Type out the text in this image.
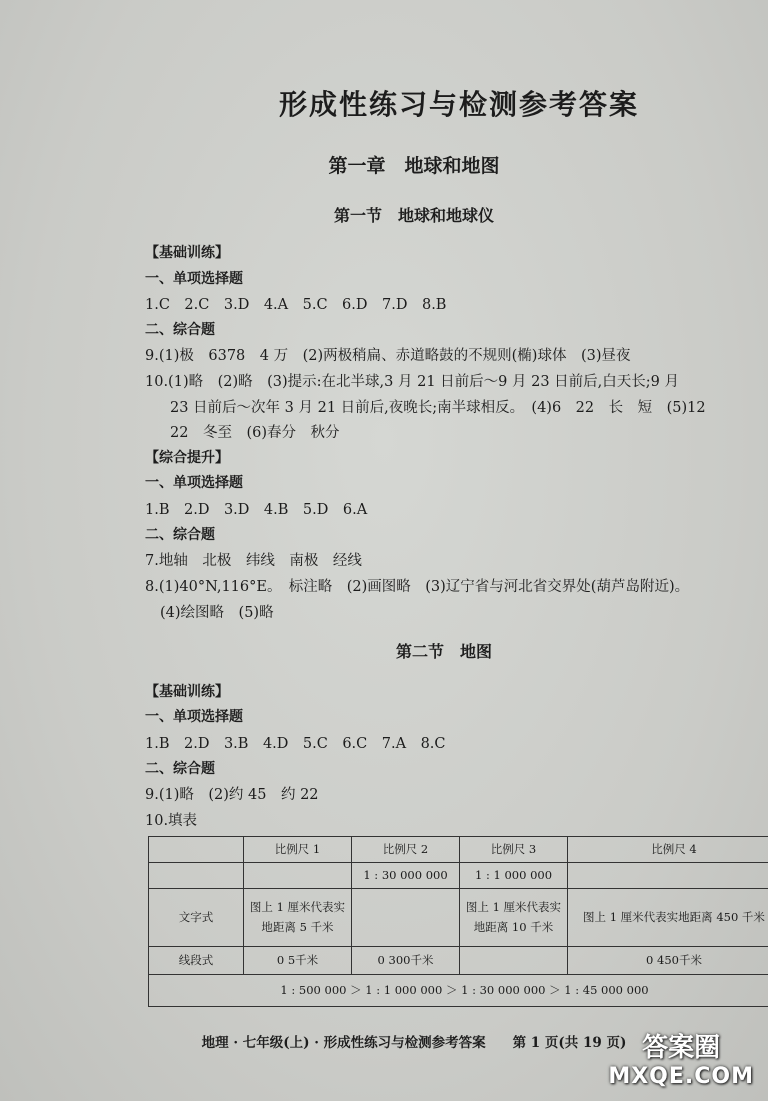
形成性练习与检测参考答案
第一章　地球和地图
第一节　地球和地球仪
【基础训练】
一、单项选择题
1.C　2.C　3.D　4.A　5.C　6.D　7.D　8.B
二、综合题
9.(1)极　6378　4 万　(2)两极稍扁、赤道略鼓的不规则(椭)球体　(3)昼夜
10.(1)略　(2)略　(3)提示:在北半球,3 月 21 日前后～9 月 23 日前后,白天长;9 月
23 日前后～次年 3 月 21 日前后,夜晚长;南半球相反。　(4)6　22　长　短　(5)12
22　冬至　(6)春分　秋分
【综合提升】
一、单项选择题
1.B　2.D　3.D　4.B　5.D　6.A
二、综合题
7.地轴　北极　纬线　南极　经线
8.(1)40°N,116°E。　标注略　(2)画图略　(3)辽宁省与河北省交界处(葫芦岛附近)。
(4)绘图略　(5)略
第二节　地图
【基础训练】
一、单项选择题
1.B　2.D　3.B　4.D　5.C　6.C　7.A　8.C
二、综合题
9.(1)略　(2)约 45　约 22
10.填表
	比例尺 1	比例尺 2	比例尺 3	比例尺 4
		1 : 30 000 000	1 : 1 000 000	
文字式	图上 1 厘米代表实地距离 5 千米		图上 1 厘米代表实地距离 10 千米	图上 1 厘米代表实地距离 450 千米
线段式	0 5千米	0 300千米		0 450千米
1 : 500 000 ＞ 1 : 1 000 000 ＞ 1 : 30 000 000 ＞ 1 : 45 000 000				
地理 · 七年级(上) · 形成性练习与检测参考答案　　第 1 页(共 19 页) 答案圈
MXQE.COM
